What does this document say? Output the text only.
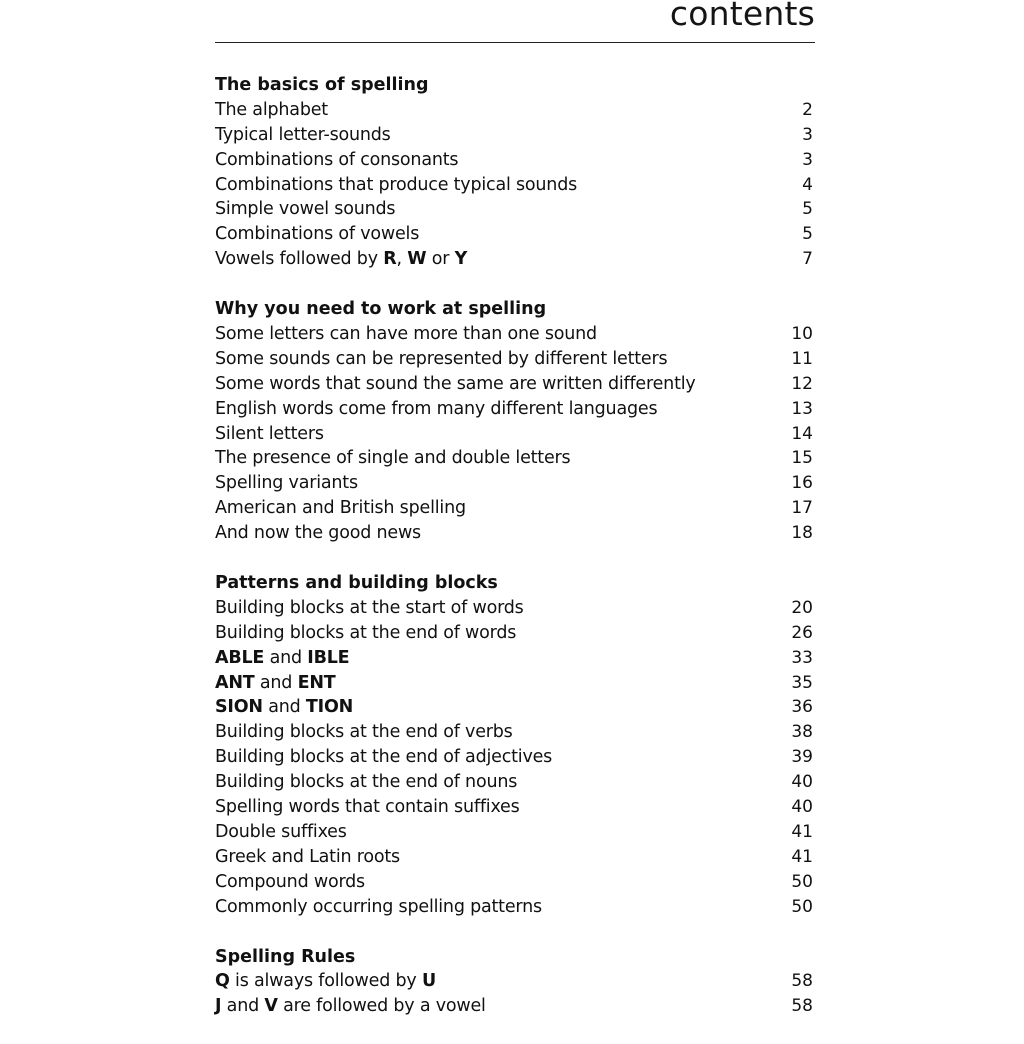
contents
The basics of spelling
The alphabet	2
Typical letter-sounds	3
Combinations of consonants	3
Combinations that produce typical sounds	4
Simple vowel sounds	5
Combinations of vowels	5
Vowels followed by R, W or Y	7
Why you need to work at spelling
Some letters can have more than one sound	10
Some sounds can be represented by different letters	11
Some words that sound the same are written differently	12
English words come from many different languages	13
Silent letters	14
The presence of single and double letters	15
Spelling variants	16
American and British spelling	17
And now the good news	18
Patterns and building blocks
Building blocks at the start of words	20
Building blocks at the end of words	26
ABLE and IBLE	33
ANT and ENT	35
SION and TION	36
Building blocks at the end of verbs	38
Building blocks at the end of adjectives	39
Building blocks at the end of nouns	40
Spelling words that contain suffixes	40
Double suffixes	41
Greek and Latin roots	41
Compound words	50
Commonly occurring spelling patterns	50
Spelling Rules
Q is always followed by U	58
J and V are followed by a vowel	58
